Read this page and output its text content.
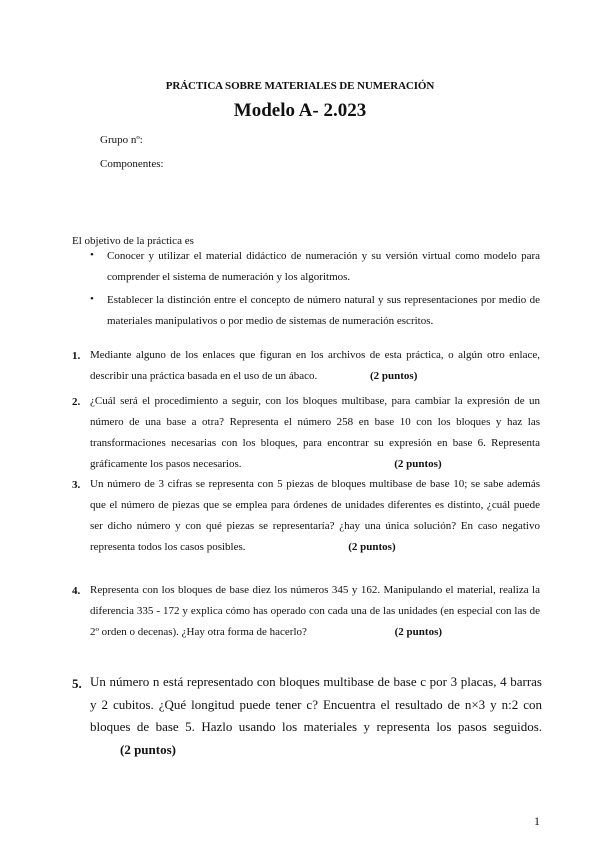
PRÁCTICA SOBRE MATERIALES DE NUMERACIÓN
Modelo A- 2.023
Grupo nº:
Componentes:
El objetivo de la práctica es
• Conocer y utilizar el material didáctico de numeración y su versión virtual como modelo para comprender el sistema de numeración y los algoritmos.
• Establecer la distinción entre el concepto de número natural y sus representaciones por medio de materiales manipulativos o por medio de sistemas de numeración escritos.
1. Mediante alguno de los enlaces que figuran en los archivos de esta práctica, o algún otro enlace, describir una práctica basada en el uso de un ábaco.	(2 puntos)
2. ¿Cuál será el procedimiento a seguir, con los bloques multibase, para cambiar la expresión de un número de una base a otra? Representa el número 258 en base 10 con los bloques y haz las transformaciones necesarias con los bloques, para encontrar su expresión en base 6. Representa gráficamente los pasos necesarios.	(2 puntos)
3. Un número de 3 cifras se representa con 5 piezas de bloques multibase de base 10; se sabe además que el número de piezas que se emplea para órdenes de unidades diferentes es distinto, ¿cuál puede ser dicho número y con qué piezas se representaría? ¿hay una única solución? En caso negativo representa todos los casos posibles.	(2 puntos)
4. Representa con los bloques de base diez los números 345 y 162. Manipulando el material, realiza la diferencia 335 - 172 y explica cómo has operado con cada una de las unidades (en especial con las de 2º orden o decenas). ¿Hay otra forma de hacerlo?	(2 puntos)
5. Un número n está representado con bloques multibase de base c por 3 placas, 4 barras y 2 cubitos. ¿Qué longitud puede tener c? Encuentra el resultado de n×3 y n:2 con bloques de base 5. Hazlo usando los materiales y representa los pasos seguidos. (2 puntos)
1
